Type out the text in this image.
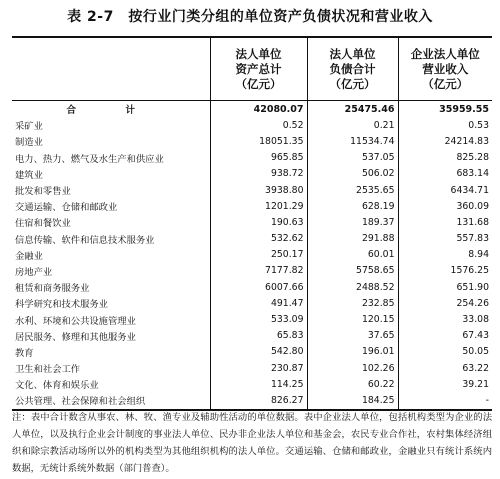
表 2-7　按行业门类分组的单位资产负债状况和营业收入

	法人单位
资产总计
（亿元）	法人单位
负债合计
（亿元）	企业法人单位
营业收入
（亿元）

合　计	42080.07	25475.46	35959.55
采矿业	0.52	0.21	0.53
制造业	18051.35	11534.74	24214.83
电力、热力、燃气及水生产和供应业	965.85	537.05	825.28
建筑业	938.72	506.02	683.14
批发和零售业	3938.80	2535.65	6434.71
交通运输、仓储和邮政业	1201.29	628.19	360.09
住宿和餐饮业	190.63	189.37	131.68
信息传输、软件和信息技术服务业	532.62	291.88	557.83
金融业	250.17	60.01	8.94
房地产业	7177.82	5758.65	1576.25
租赁和商务服务业	6007.66	2488.52	651.90
科学研究和技术服务业	491.47	232.85	254.26
水利、环境和公共设施管理业	533.09	120.15	33.08
居民服务、修理和其他服务业	65.83	37.65	67.43
教育	542.80	196.01	50.05
卫生和社会工作	230.87	102.26	63.22
文化、体育和娱乐业	114.25	60.22	39.21
公共管理、社会保障和社会组织	826.27	184.25	-
注：表中合计数含从事农、林、牧、渔专业及辅助性活动的单位数据。表中企业法人单位，包括机构类型为企业的法人单位，以及执行企业会计制度的事业法人单位、民办非企业法人单位和基金会，农民专业合作社，农村集体经济组织和除宗教活动场所以外的机构类型为其他组织机构的法人单位。交通运输、仓储和邮政业，金融业只有统计系统内数据，无统计系统外数据（部门普查）。
